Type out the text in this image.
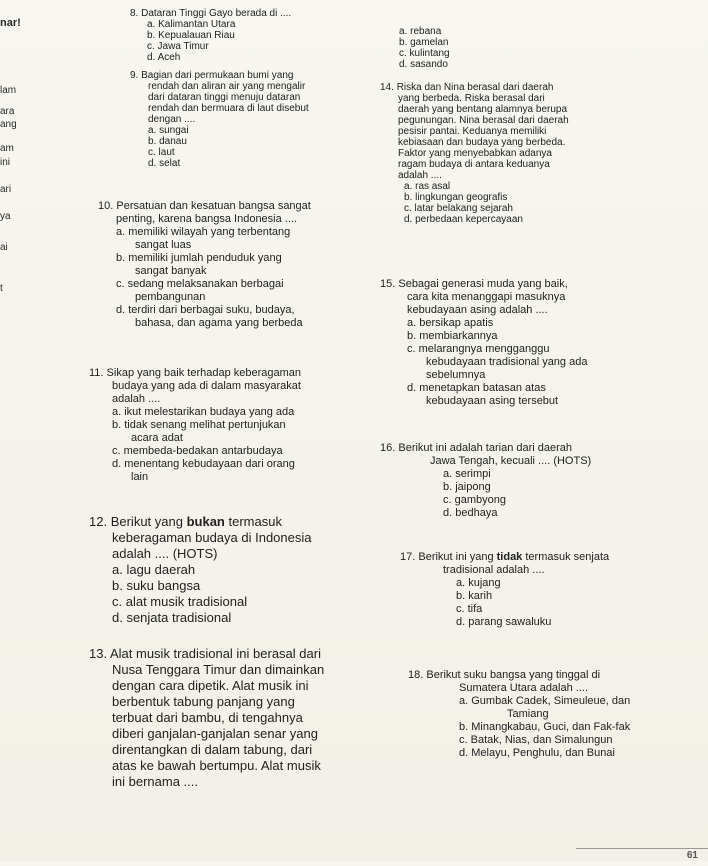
nar!
lam
ara
ang
am
ini
ari
ya
ai
t
8. Dataran Tinggi Gayo berada di ....
a. Kalimantan Utara
b. Kepualauan Riau
c. Jawa Timur
d. Aceh
9. Bagian dari permukaan bumi yang
rendah dan aliran air yang mengalir
dari dataran tinggi menuju dataran
rendah dan bermuara di laut disebut
dengan ....
a. sungai
b. danau
c. laut
d. selat
10. Persatuan dan kesatuan bangsa sangat
penting, karena bangsa Indonesia ....
a. memiliki wilayah yang terbentang
sangat luas
b. memiliki jumlah penduduk yang
sangat banyak
c. sedang melaksanakan berbagai
pembangunan
d. terdiri dari berbagai suku, budaya,
bahasa, dan agama yang berbeda
11. Sikap yang baik terhadap keberagaman
budaya yang ada di dalam masyarakat
adalah ....
a. ikut melestarikan budaya yang ada
b. tidak senang melihat pertunjukan
acara adat
c. membeda-bedakan antarbudaya
d. menentang kebudayaan dari orang
lain
12. Berikut yang bukan termasuk
keberagaman budaya di Indonesia
adalah .... (HOTS)
a. lagu daerah
b. suku bangsa
c. alat musik tradisional
d. senjata tradisional
13. Alat musik tradisional ini berasal dari
Nusa Tenggara Timur dan dimainkan
dengan cara dipetik. Alat musik ini
berbentuk tabung panjang yang
terbuat dari bambu, di tengahnya
diberi ganjalan-ganjalan senar yang
direntangkan di dalam tabung, dari
atas ke bawah bertumpu. Alat musik
ini bernama ....
a. rebana
b. gamelan
c. kulintang
d. sasando
14. Riska dan Nina berasal dari daerah
yang berbeda. Riska berasal dari
daerah yang bentang alamnya berupa
pegunungan. Nina berasal dari daerah
pesisir pantai. Keduanya memiliki
kebiasaan dan budaya yang berbeda.
Faktor yang menyebabkan adanya
ragam budaya di antara keduanya
adalah ....
a. ras asal
b. lingkungan geografis
c. latar belakang sejarah
d. perbedaan kepercayaan
15. Sebagai generasi muda yang baik,
cara kita menanggapi masuknya
kebudayaan asing adalah ....
a. bersikap apatis
b. membiarkannya
c. melarangnya mengganggu
kebudayaan tradisional yang ada
sebelumnya
d. menetapkan batasan atas
kebudayaan asing tersebut
16. Berikut ini adalah tarian dari daerah
Jawa Tengah, kecuali .... (HOTS)
a. serimpi
b. jaipong
c. gambyong
d. bedhaya
17. Berikut ini yang tidak termasuk senjata
tradisional adalah ....
a. kujang
b. karih
c. tifa
d. parang sawaluku
18. Berikut suku bangsa yang tinggal di
Sumatera Utara adalah ....
a. Gumbak Cadek, Simeuleue, dan
Tamiang
b. Minangkabau, Guci, dan Fak-fak
c. Batak, Nias, dan Simalungun
d. Melayu, Penghulu, dan Bunai
61
